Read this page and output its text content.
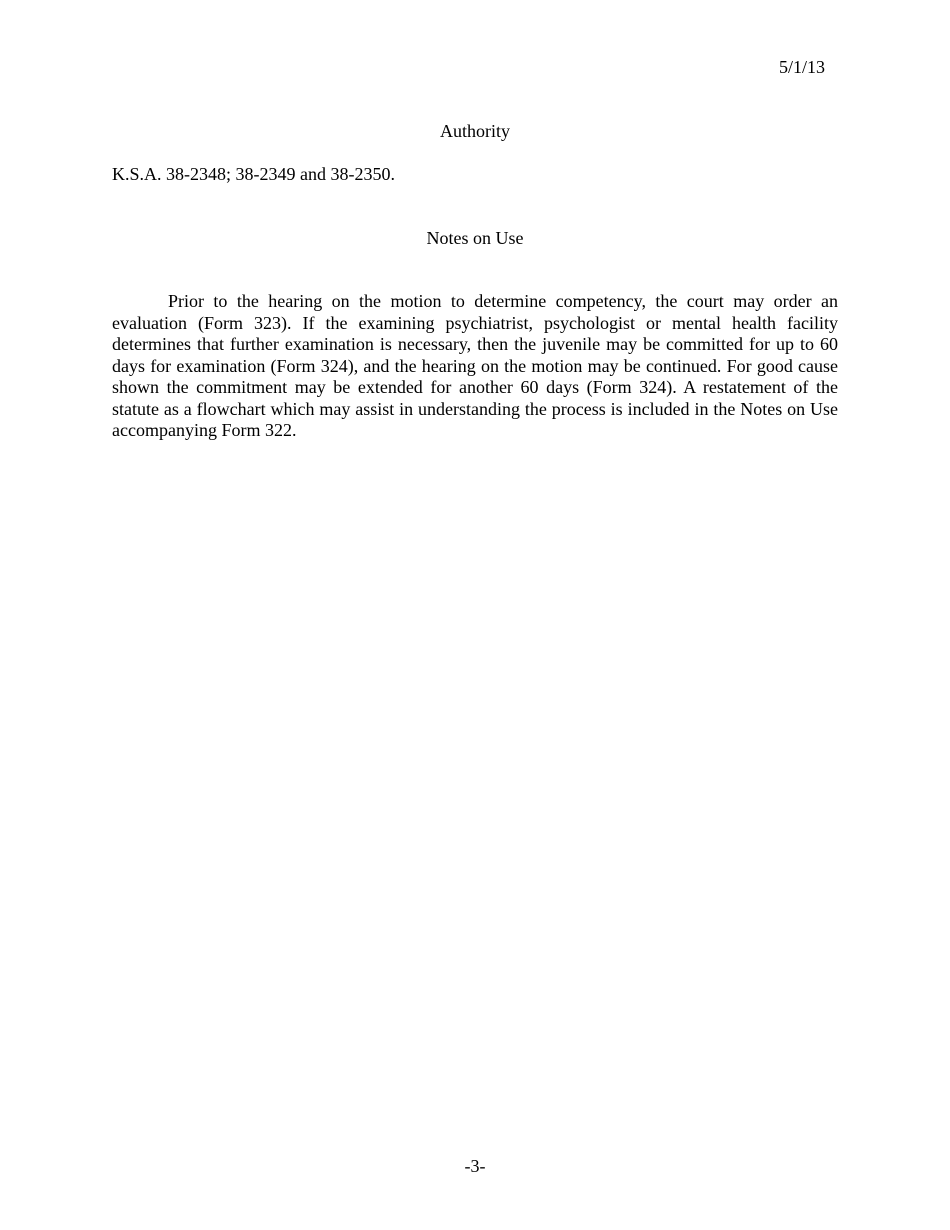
5/1/13
Authority
K.S.A. 38-2348; 38-2349 and 38-2350.
Notes on Use

Prior to the hearing on the motion to determine competency, the court may order an evaluation (Form 323). If the examining psychiatrist, psychologist or mental health facility determines that further examination is necessary, then the juvenile may be committed for up to 60 days for examination (Form 324), and the hearing on the motion may be continued. For good cause shown the commitment may be extended for another 60 days (Form 324). A restatement of the statute as a flowchart which may assist in understanding the process is included in the Notes on Use accompanying Form 322.

-3-
